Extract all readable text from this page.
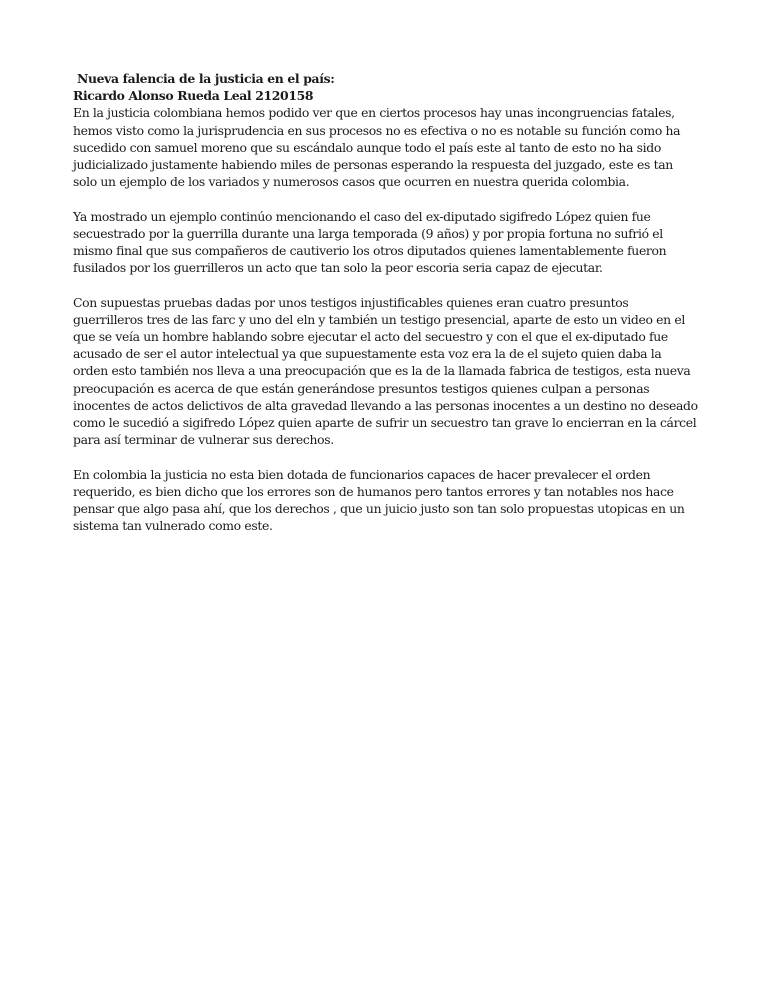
Nueva falencia de la justicia en el país:

Ricardo Alonso Rueda Leal 2120158

En la justicia colombiana hemos podido ver que en ciertos procesos hay unas incongruencias fatales, hemos visto como la jurisprudencia en sus procesos no es efectiva o no es notable su función como ha sucedido con samuel moreno que su escándalo aunque todo el país este al tanto de esto no ha sido judicializado justamente habiendo miles de personas esperando la respuesta del juzgado, este es tan solo un ejemplo de los variados y numerosos casos que ocurren en nuestra querida colombia.

Ya mostrado un ejemplo continúo mencionando el caso del ex-diputado sigifredo López quien fue secuestrado por la guerrilla durante una larga temporada (9 años) y por propia fortuna no sufrió el mismo final que sus compañeros de cautiverio los otros diputados quienes lamentablemente fueron fusilados por los guerrilleros un acto que tan solo la peor escoria seria capaz de ejecutar.

Con supuestas pruebas dadas por unos testigos injustificables quienes eran cuatro presuntos guerrilleros tres de las farc y uno del eln y también un testigo presencial, aparte de esto un video en el que se veía un hombre hablando sobre ejecutar el acto del secuestro y con el que el ex-diputado fue acusado de ser el autor intelectual ya que supuestamente esta voz era la de el sujeto quien daba la orden esto también nos lleva a una preocupación que es la de la llamada fabrica de testigos, esta nueva preocupación es acerca de que están generándose presuntos testigos quienes culpan a personas inocentes de actos delictivos de alta gravedad llevando a las personas inocentes a un destino no deseado como le sucedió a sigifredo López quien aparte de sufrir un secuestro tan grave lo encierran en la cárcel para así terminar de vulnerar sus derechos.

En colombia la justicia no esta bien dotada de funcionarios capaces de hacer prevalecer el orden requerido, es bien dicho que los errores son de humanos pero tantos errores y tan notables nos hace pensar que algo pasa ahí, que los derechos , que un juicio justo son tan solo propuestas utopicas en un sistema tan vulnerado como este.
